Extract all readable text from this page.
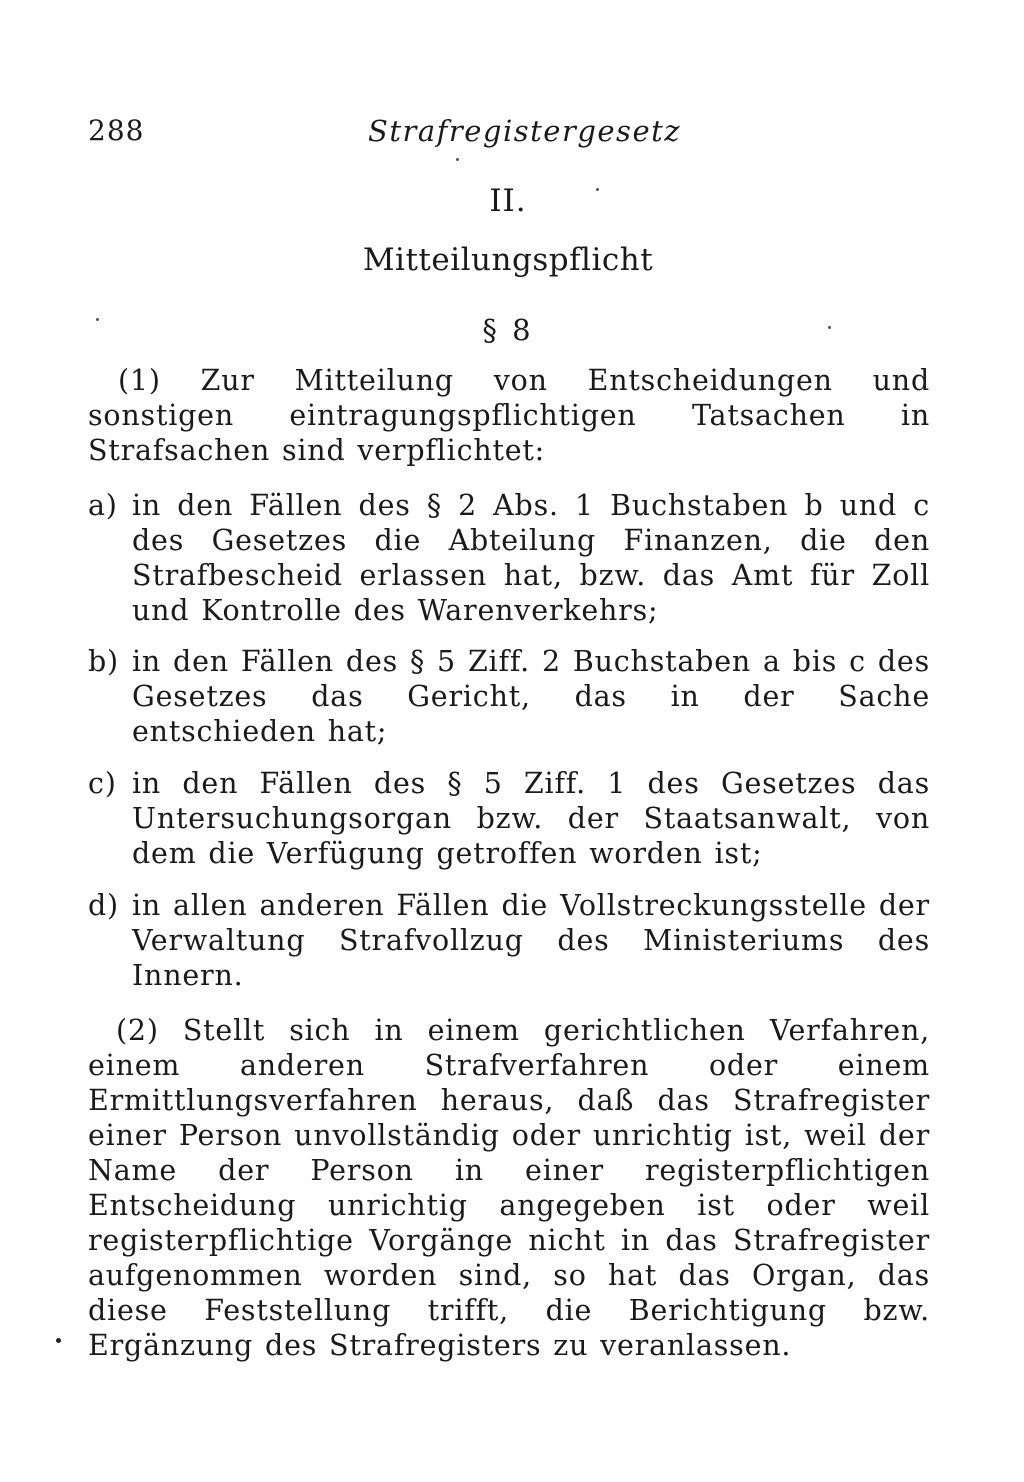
288	Strafregistergesetz
II.
Mitteilungspflicht
§ 8
(1) Zur Mitteilung von Entscheidungen und sonstigen eintragungspflichtigen Tatsachen in Strafsachen sind verpflichtet:
a) in den Fällen des § 2 Abs. 1 Buchstaben b und c des Gesetzes die Abteilung Finanzen, die den Strafbescheid erlassen hat, bzw. das Amt für Zoll und Kontrolle des Warenverkehrs;
b) in den Fällen des § 5 Ziff. 2 Buchstaben a bis c des Gesetzes das Gericht, das in der Sache entschieden hat;
c) in den Fällen des § 5 Ziff. 1 des Gesetzes das Untersuchungsorgan bzw. der Staatsanwalt, von dem die Verfügung getroffen worden ist;
d) in allen anderen Fällen die Vollstreckungsstelle der Verwaltung Strafvollzug des Ministeriums des Innern.
(2) Stellt sich in einem gerichtlichen Verfahren, einem anderen Strafverfahren oder einem Ermittlungsverfahren heraus, daß das Strafregister einer Person unvollständig oder unrichtig ist, weil der Name der Person in einer registerpflichtigen Entscheidung unrichtig angegeben ist oder weil registerpflichtige Vorgänge nicht in das Strafregister aufgenommen worden sind, so hat das Organ, das diese Feststellung trifft, die Berichtigung bzw. Ergänzung des Strafregisters zu veranlassen.
